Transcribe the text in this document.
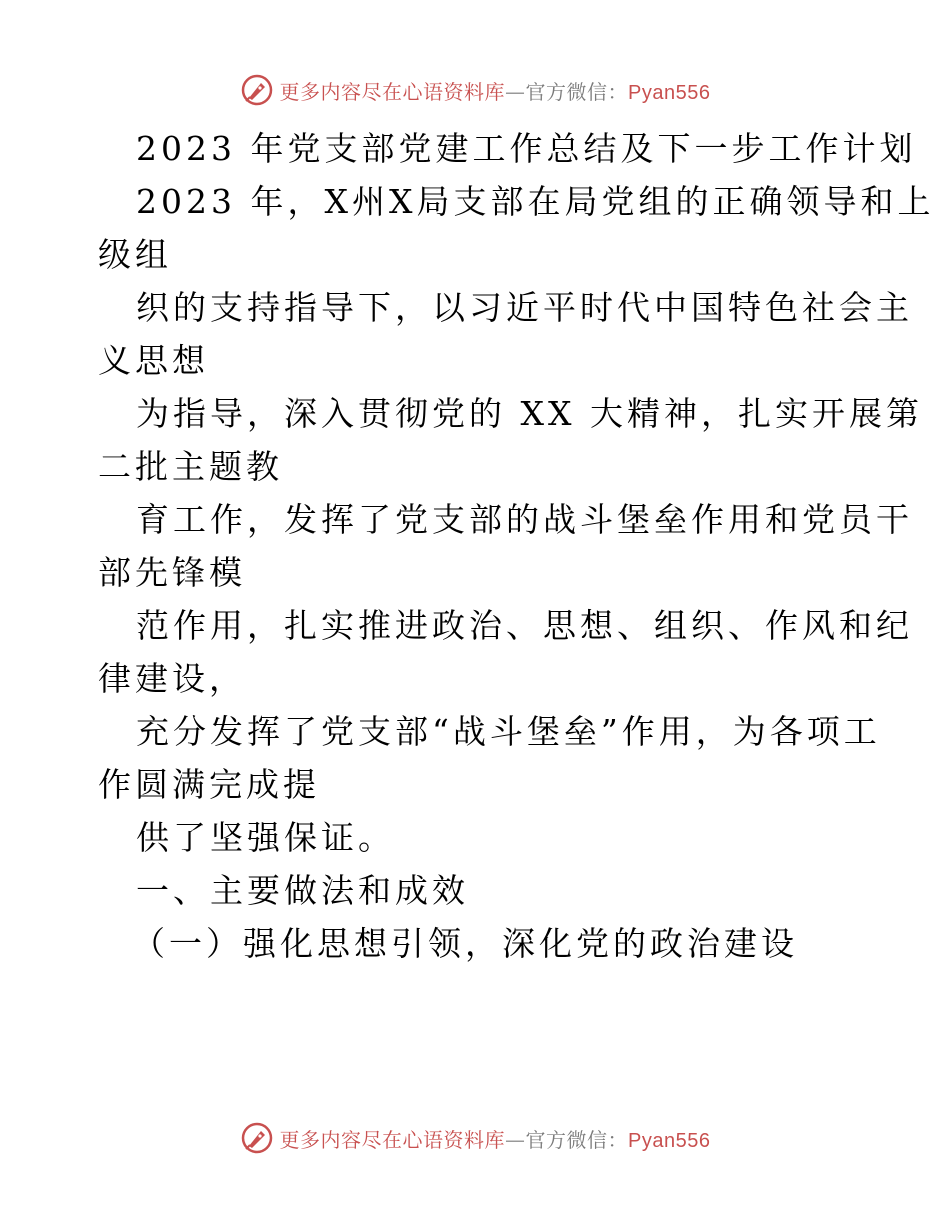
更多内容尽在心语资料库—官方微信：Pyan556
2023 年党支部党建工作总结及下一步工作计划
2023 年，X州X局支部在局党组的正确领导和上
级组
织的支持指导下，以习近平时代中国特色社会主
义思想
为指导，深入贯彻党的 XX 大精神，扎实开展第
二批主题教
育工作，发挥了党支部的战斗堡垒作用和党员干
部先锋模
范作用，扎实推进政治、思想、组织、作风和纪
律建设，
充分发挥了党支部“战斗堡垒”作用，为各项工
作圆满完成提
供了坚强保证。
一、主要做法和成效
（一）强化思想引领，深化党的政治建设
更多内容尽在心语资料库—官方微信：Pyan556
